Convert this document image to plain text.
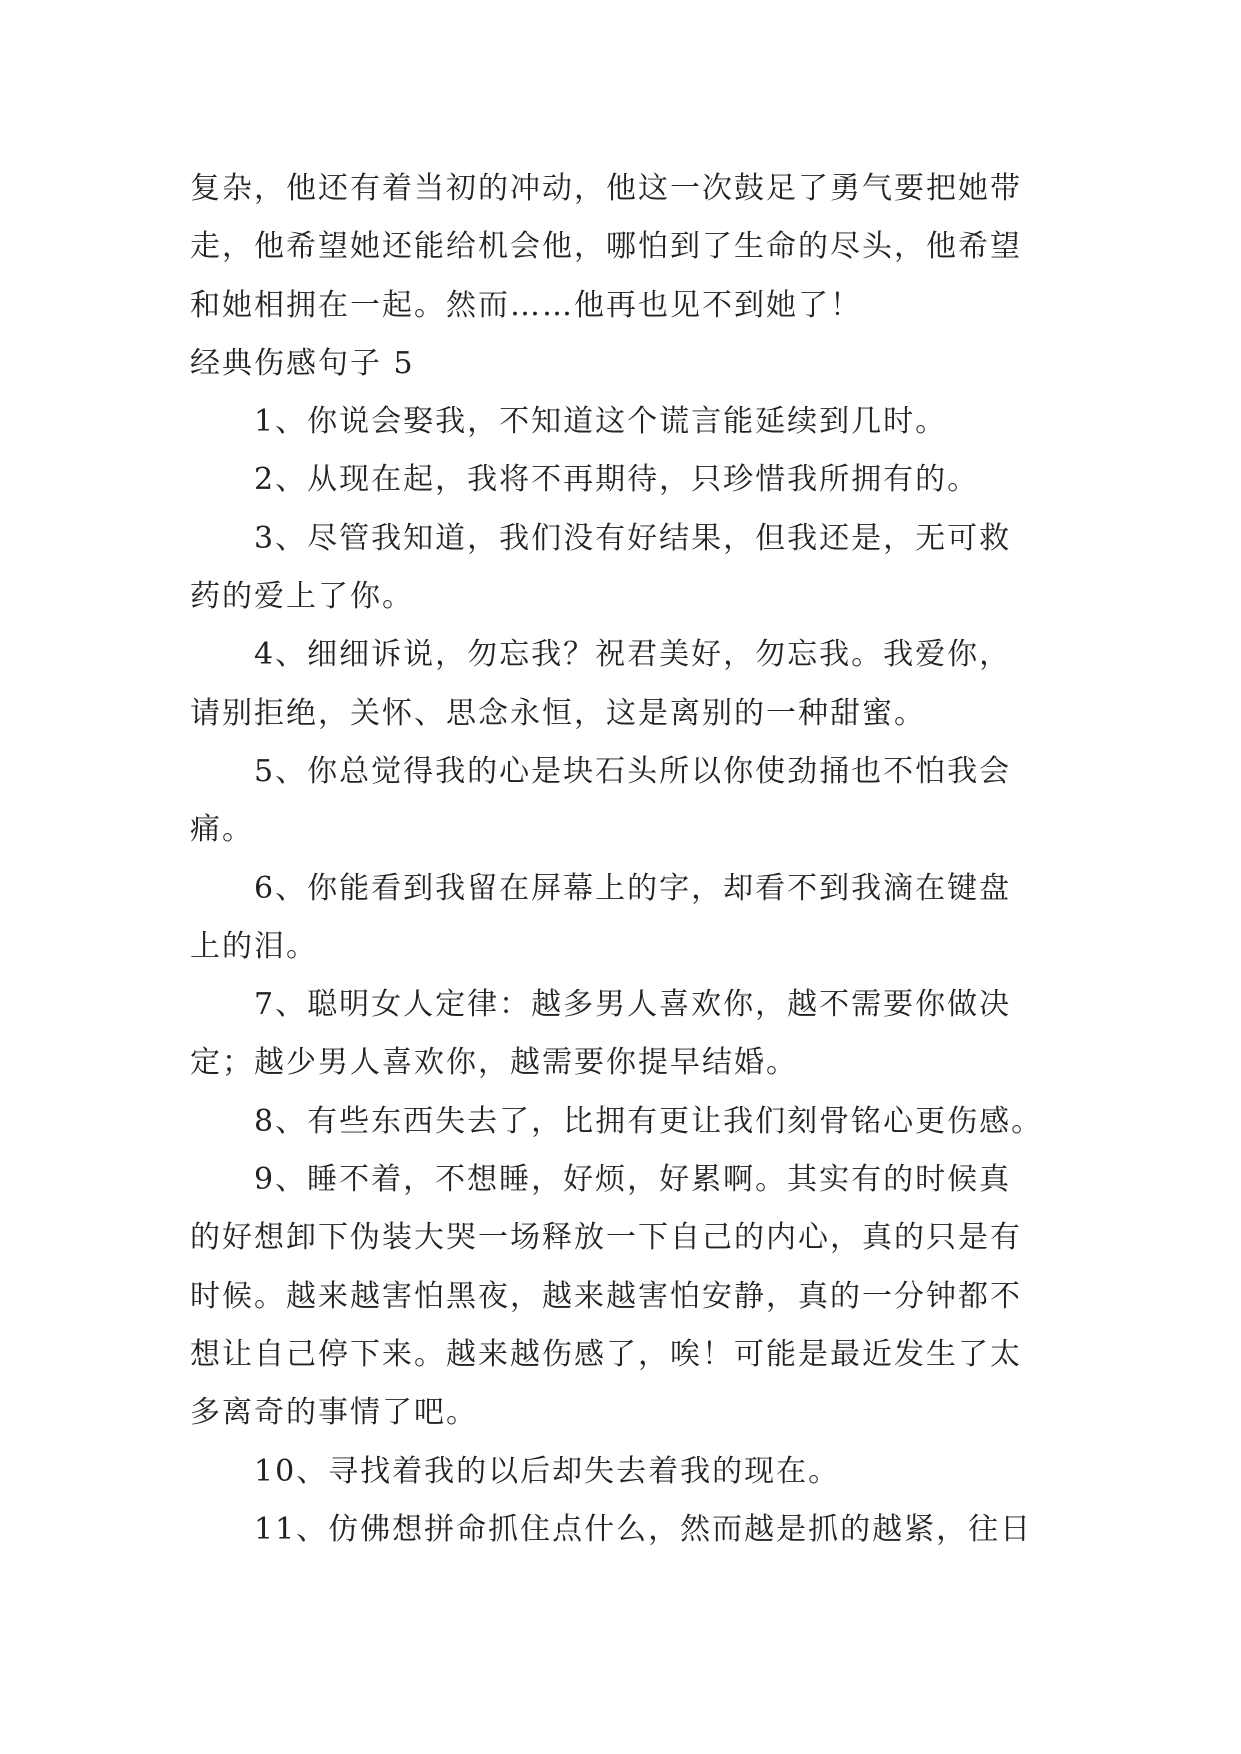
复杂，他还有着当初的冲动，他这一次鼓足了勇气要把她带
走，他希望她还能给机会他，哪怕到了生命的尽头，他希望
和她相拥在一起。然而……他再也见不到她了！
经典伤感句子 5
1、你说会娶我，不知道这个谎言能延续到几时。
2、从现在起，我将不再期待，只珍惜我所拥有的。
3、尽管我知道，我们没有好结果，但我还是，无可救
药的爱上了你。
4、细细诉说，勿忘我？祝君美好，勿忘我。我爱你，
请别拒绝，关怀、思念永恒，这是离别的一种甜蜜。
5、你总觉得我的心是块石头所以你使劲捅也不怕我会
痛。
6、你能看到我留在屏幕上的字，却看不到我滴在键盘
上的泪。
7、聪明女人定律：越多男人喜欢你，越不需要你做决
定；越少男人喜欢你，越需要你提早结婚。
8、有些东西失去了，比拥有更让我们刻骨铭心更伤感。
9、睡不着，不想睡，好烦，好累啊。其实有的时候真
的好想卸下伪装大哭一场释放一下自己的内心，真的只是有
时候。越来越害怕黑夜，越来越害怕安静，真的一分钟都不
想让自己停下来。越来越伤感了，唉！可能是最近发生了太
多离奇的事情了吧。
10、寻找着我的以后却失去着我的现在。
11、仿佛想拼命抓住点什么，然而越是抓的越紧，往日
